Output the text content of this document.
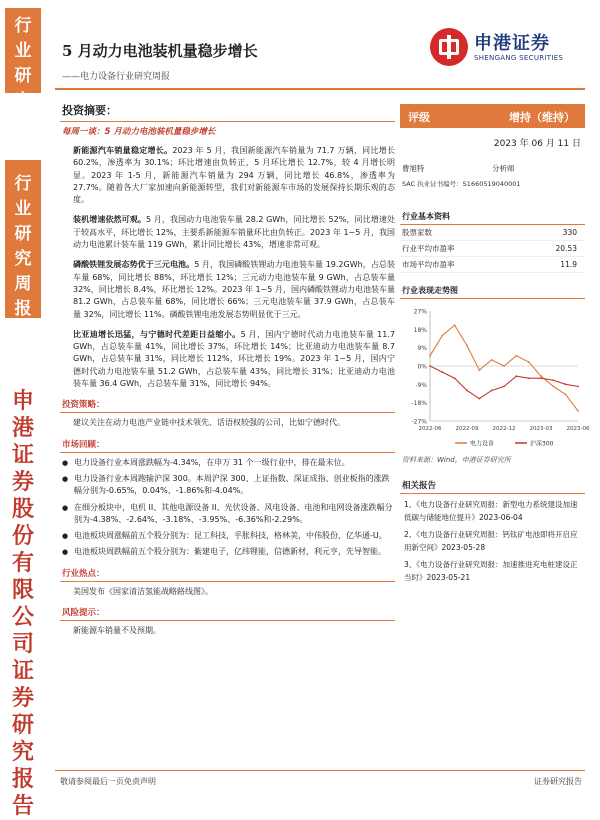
行
业
研
究
行
业
研
究
周
报
申
港
证
券
股
份
有
限
公
司
证
券
研
究
报
告
5 月动力电池装机量稳步增长
——电力设备行业研究周报
申港证券
SHENGANG SECURITIES
投资摘要：
每周一谈：5 月动力电池装机量稳步增长
新能源汽车销量稳定增长。2023 年 5 月，我国新能源汽车销量为 71.7 万辆，同比增长 60.2%，渗透率为 30.1%；环比增速由负转正，5 月环比增长 12.7%，较 4 月增长明显。2023 年 1-5 月，新能源汽车销量为 294 万辆，同比增长 46.8%，渗透率为 27.7%。随着各大厂家加速向新能源转型，我们对新能源车市场的发展保持长期乐观的态度。
装机增速依然可观。5 月，我国动力电池装车量 28.2 GWh，同比增长 52%，同比增速处于较高水平，环比增长 12%，主要系新能源车销量环比由负转正。2023 年 1~5 月，我国动力电池累计装车量 119 GWh，累计同比增长 43%，增速非常可观。
磷酸铁锂发展态势优于三元电池。5 月，我国磷酸铁锂动力电池装车量 19.2GWh，占总装车量 68%，同比增长 88%，环比增长 12%；三元动力电池装车量 9 GWh，占总装车量 32%，同比增长 8.4%，环比增长 12%。2023 年 1~5 月，国内磷酸铁锂动力电池装车量 81.2 GWh，占总装车量 68%，同比增长 66%；三元电池装车量 37.9 GWh，占总装车量 32%，同比增长 11%。磷酸铁锂电池发展态势明显优于三元。
比亚迪增长迅猛，与宁德时代差距日益缩小。5 月，国内宁德时代动力电池装车量 11.7 GWh，占总装车量 41%，同比增长 37%，环比增长 14%；比亚迪动力电池装车量 8.7 GWh，占总装车量 31%，同比增长 112%，环比增长 19%。2023 年 1~5 月，国内宁德时代动力电池装车量 51.2 GWh，占总装车量 43%，同比增长 31%；比亚迪动力电池装车量 36.4 GWh，占总装车量 31%，同比增长 94%。
投资策略：
建议关注在动力电池产业链中技术领先、话语权较强的公司，比如宁德时代。
市场回顾：
● 电力设备行业本周涨跌幅为-4.34%，在申万 31 个一级行业中，排在最末位。
● 电力设备行业本周跑输沪深 300。本周沪深 300、上证指数、深证成指、创业板指的涨跌幅分别为-0.65%，0.04%、-1.86%和-4.04%。
● 在细分板块中，电机 II、其他电源设备 II、光伏设备、风电设备、电池和电网设备涨跌幅分别为-4.38%、-2.64%、-3.18%、-3.95%、-6.36%和-2.29%。
● 电池板块周涨幅前五个股分别为：昆工科技，乎胀科技，格林美，中伟股份，亿华通-U。
● 电池板块周跌幅前五个股分别为：紫建电子，亿纬锂能，信德新材，利元亨，先导智能。
行业热点：
美国发布《国家清洁氢能战略路线图》。
风险提示：
新能源车销量不及预期。
评级	增持（维持）
2023 年 06 月 11 日
曹旭特	分析师
SAC 执业证书编号：S1660519040001
行业基本资料
股票家数	330
行业平均市盈率	20.53
市场平均市盈率	11.9
行业表现走势图
27%
18%
9%
0%
-9%
-18%
-27%
2022-06	2022-09	2022-12	2023-03	2023-06
电力设备	沪深300
资料来源：Wind，申港证券研究所
相关报告
1、《电力设备行业研究周报：新型电力系统建设加速 低碳与储能地位提升》2023-06-04
2、《电力设备行业研究周报：钙钛矿电池即将开启应用新空间》2023-05-28
3、《电力设备行业研究周报：加速推进充电桩建设正当时》2023-05-21
敬请参阅最后一页免责声明	证券研究报告
